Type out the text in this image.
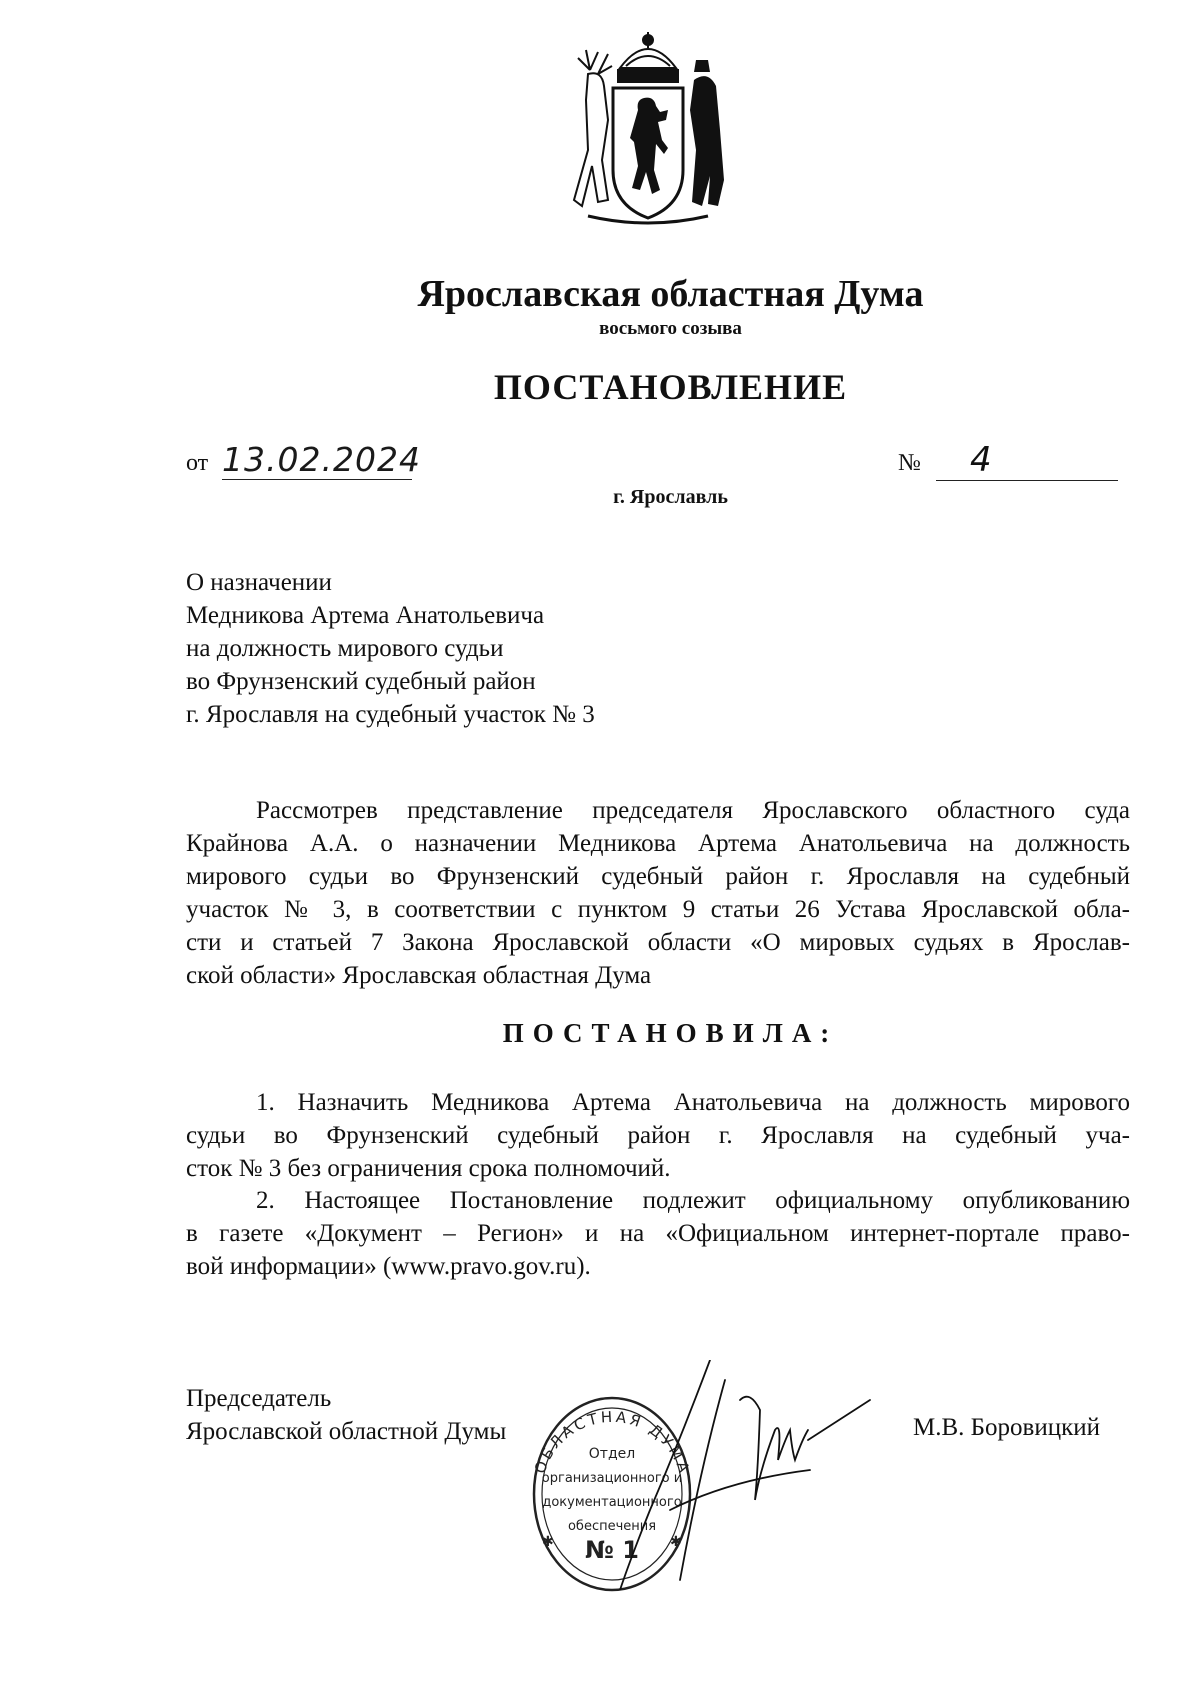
Ярославская областная Дума
восьмого созыва
ПОСТАНОВЛЕНИЕ
от 13.02.2024	№	4
г. Ярославль
О назначении
Медникова Артема Анатольевича
на должность мирового судьи
во Фрунзенский судебный район
г. Ярославля на судебный участок № 3
Рассмотрев представление председателя Ярославского областного суда
Крайнова А.А. о назначении Медникова Артема Анатольевича на должность
мирового судьи во Фрунзенский судебный район г. Ярославля на судебный
участок № 3, в соответствии с пунктом 9 статьи 26 Устава Ярославской обла-
сти и статьей 7 Закона Ярославской области «О мировых судьях в Ярослав-
ской области» Ярославская областная Дума
ПОСТАНОВИЛА:
1. Назначить Медникова Артема Анатольевича на должность мирового
судьи во Фрунзенский судебный район г. Ярославля на судебный уча-
сток № 3 без ограничения срока полномочий.
2. Настоящее Постановление подлежит официальному опубликованию
в газете «Документ – Регион» и на «Официальном интернет-портале право-
вой информации» (www.pravo.gov.ru).
Председатель
Ярославской областной Думы
ОБЛАСТНАЯ ДУМА
Отдел
организационного и
документационного
обеспечения
№ 1
✱	✱
М.В. Боровицкий
